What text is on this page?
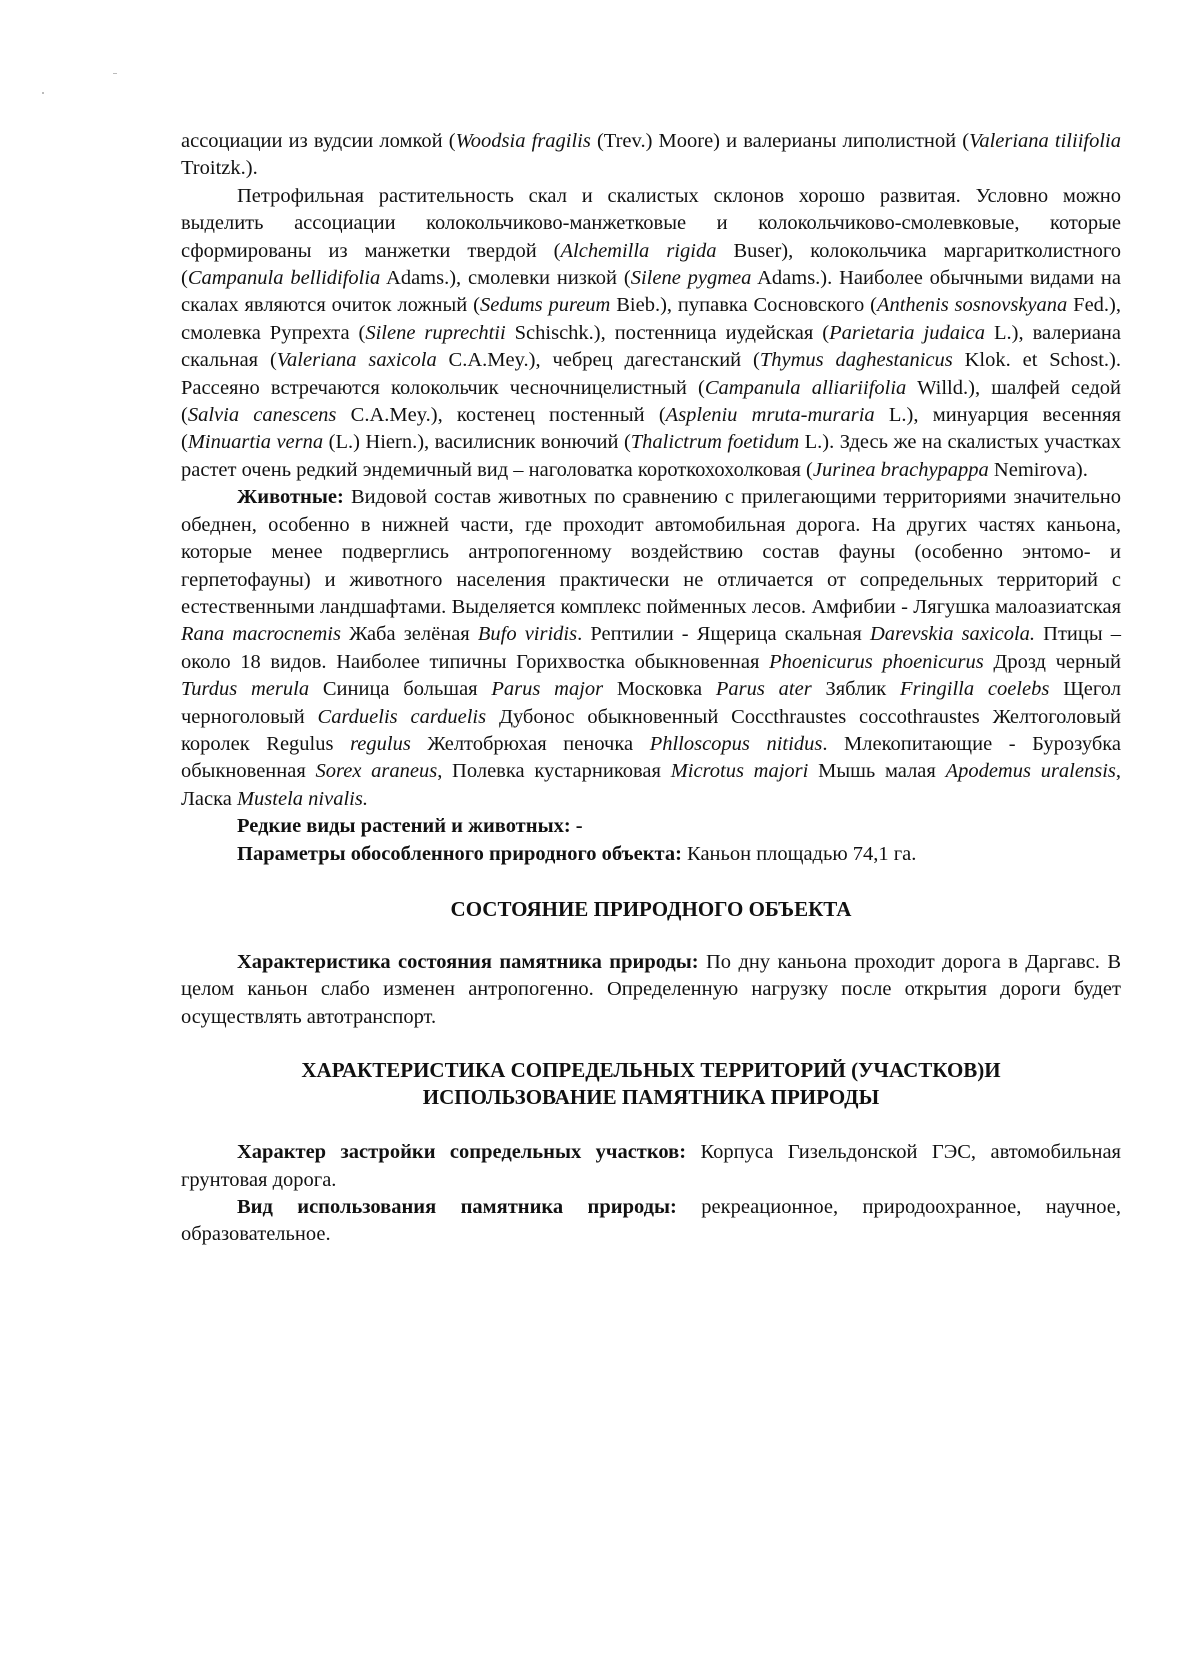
ассоциации из вудсии ломкой (Woodsia fragilis (Trev.) Moore) и валерианы липолистной (Valeriana tiliifolia Troitzk.).

Петрофильная растительность скал и скалистых склонов хорошо развитая. Условно можно выделить ассоциации колокольчиково-манжетковые и колокольчиково-смолевковые, которые сформированы из манжетки твердой (Alchemilla rigida Buser), колокольчика маргаритколистного (Campanula bellidifolia Adams.), смолевки низкой (Silene pygmea Adams.). Наиболее обычными видами на скалах являются очиток ложный (Sedums pureum Bieb.), пупавка Сосновского (Anthenis sosnovskyana Fed.), смолевка Рупрехта (Silene ruprechtii Schischk.), постенница иудейская (Parietaria judaica L.), валериана скальная (Valeriana saxicola C.A.Mey.), чебрец дагестанский (Thymus daghestanicus Klok. et Schost.). Рассеяно встречаются колокольчик чесночницелистный (Campanula alliariifolia Willd.), шалфей седой (Salvia canescens C.A.Mey.), костенец постенный (Aspleniu mruta-muraria L.), минуарция весенняя (Minuartia verna (L.) Hiern.), василисник вонючий (Thalictrum foetidum L.). Здесь же на скалистых участках растет очень редкий эндемичный вид – наголоватка короткохохолковая (Jurinea brachypappa Nemirova).

Животные: Видовой состав животных по сравнению с прилегающими территориями значительно обеднен, особенно в нижней части, где проходит автомобильная дорога. На других частях каньона, которые менее подверглись антропогенному воздействию состав фауны (особенно энтомо- и герпетофауны) и животного населения практически не отличается от сопредельных территорий с естественными ландшафтами. Выделяется комплекс пойменных лесов. Амфибии - Лягушка малоазиатская Rana macrocnemis Жаба зелёная Bufo viridis. Рептилии - Ящерица скальная Darevskia saxicola. Птицы – около 18 видов. Наиболее типичны Горихвостка обыкновенная Phoenicurus phoenicurus Дрозд черный Turdus merula Синица большая Parus major Московка Parus ater Зяблик Fringilla coelebs Щегол черноголовый Carduelis carduelis Дубонос обыкновенный Coccthraustes coccothraustes Желтоголовый королек Regulus regulus Желтобрюхая пеночка Phlloscopus nitidus. Млекопитающие - Бурозубка обыкновенная Sorex araneus, Полевка кустарниковая Microtus majori Мышь малая Apodemus uralensis, Ласка Mustela nivalis.

Редкие виды растений и животных: -

Параметры обособленного природного объекта: Каньон площадью 74,1 га.

СОСТОЯНИЕ ПРИРОДНОГО ОБЪЕКТА

Характеристика состояния памятника природы: По дну каньона проходит дорога в Даргавс. В целом каньон слабо изменен антропогенно. Определенную нагрузку после открытия дороги будет осуществлять автотранспорт.

ХАРАКТЕРИСТИКА СОПРЕДЕЛЬНЫХ ТЕРРИТОРИЙ (УЧАСТКОВ)И
ИСПОЛЬЗОВАНИЕ ПАМЯТНИКА ПРИРОДЫ

Характер застройки сопредельных участков: Корпуса Гизельдонской ГЭС, автомобильная грунтовая дорога.

Вид использования памятника природы: рекреационное, природоохранное, научное, образовательное.
